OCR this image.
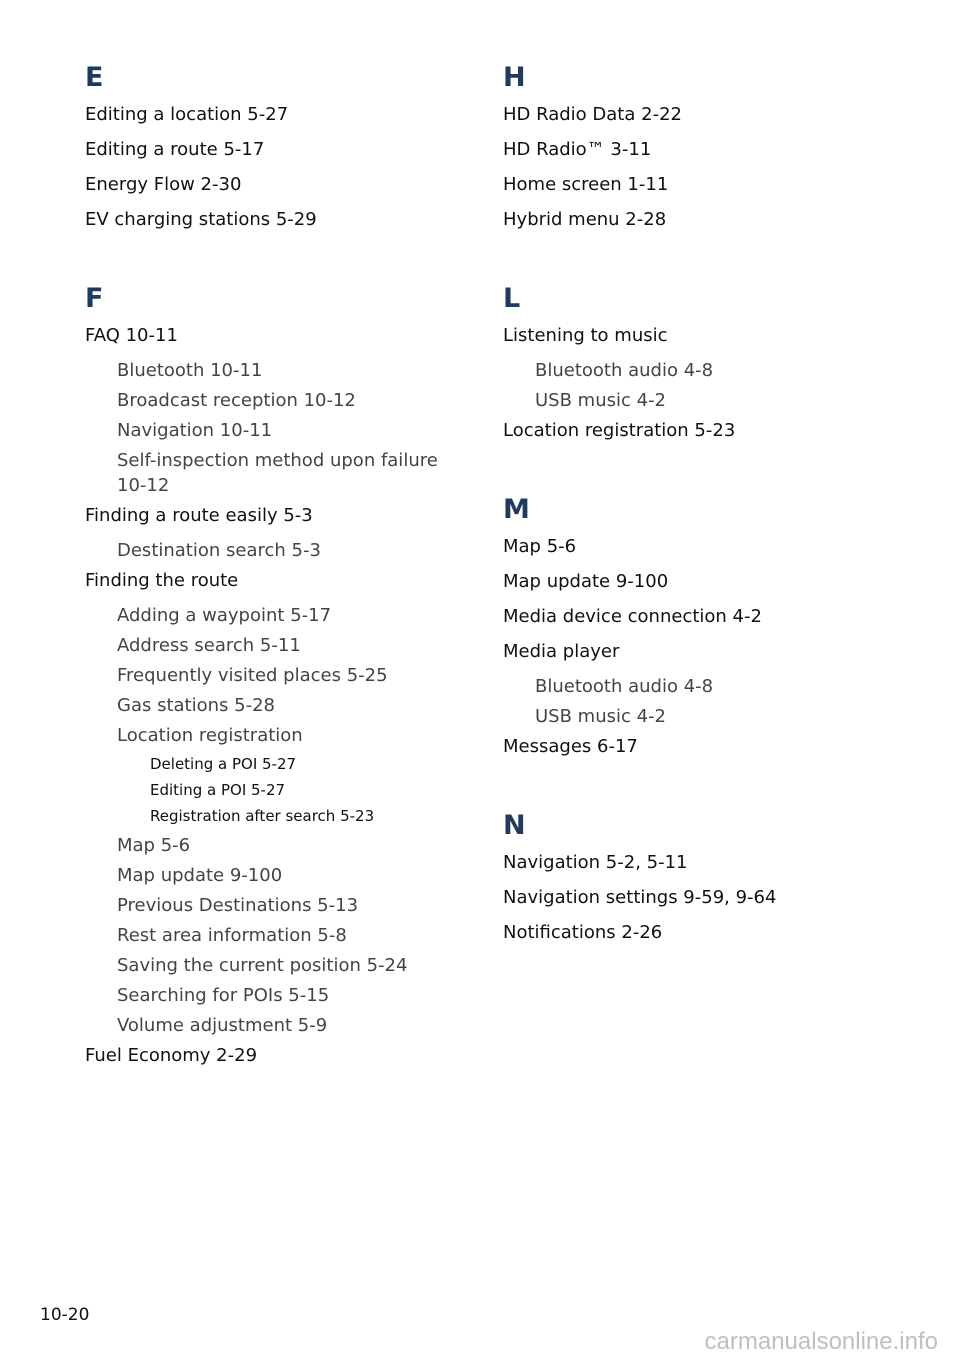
E
Editing a location 5-27
Editing a route 5-17
Energy Flow 2-30
EV charging stations 5-29
F
FAQ 10-11
Bluetooth 10-11
Broadcast reception 10-12
Navigation 10-11
Self-inspection method upon failure 10-12
Finding a route easily 5-3
Destination search 5-3
Finding the route
Adding a waypoint 5-17
Address search 5-11
Frequently visited places 5-25
Gas stations 5-28
Location registration
Deleting a POI 5-27
Editing a POI 5-27
Registration after search 5-23
Map 5-6
Map update 9-100
Previous Destinations 5-13
Rest area information 5-8
Saving the current position 5-24
Searching for POIs 5-15
Volume adjustment 5-9
Fuel Economy 2-29
H
HD Radio Data 2-22
HD Radio™ 3-11
Home screen 1-11
Hybrid menu 2-28
L
Listening to music
Bluetooth audio 4-8
USB music 4-2
Location registration 5-23
M
Map 5-6
Map update 9-100
Media device connection 4-2
Media player
Bluetooth audio 4-8
USB music 4-2
Messages 6-17
N
Navigation 5-2, 5-11
Navigation settings 9-59, 9-64
Notifications 2-26
10-20
carmanualsonline.info
